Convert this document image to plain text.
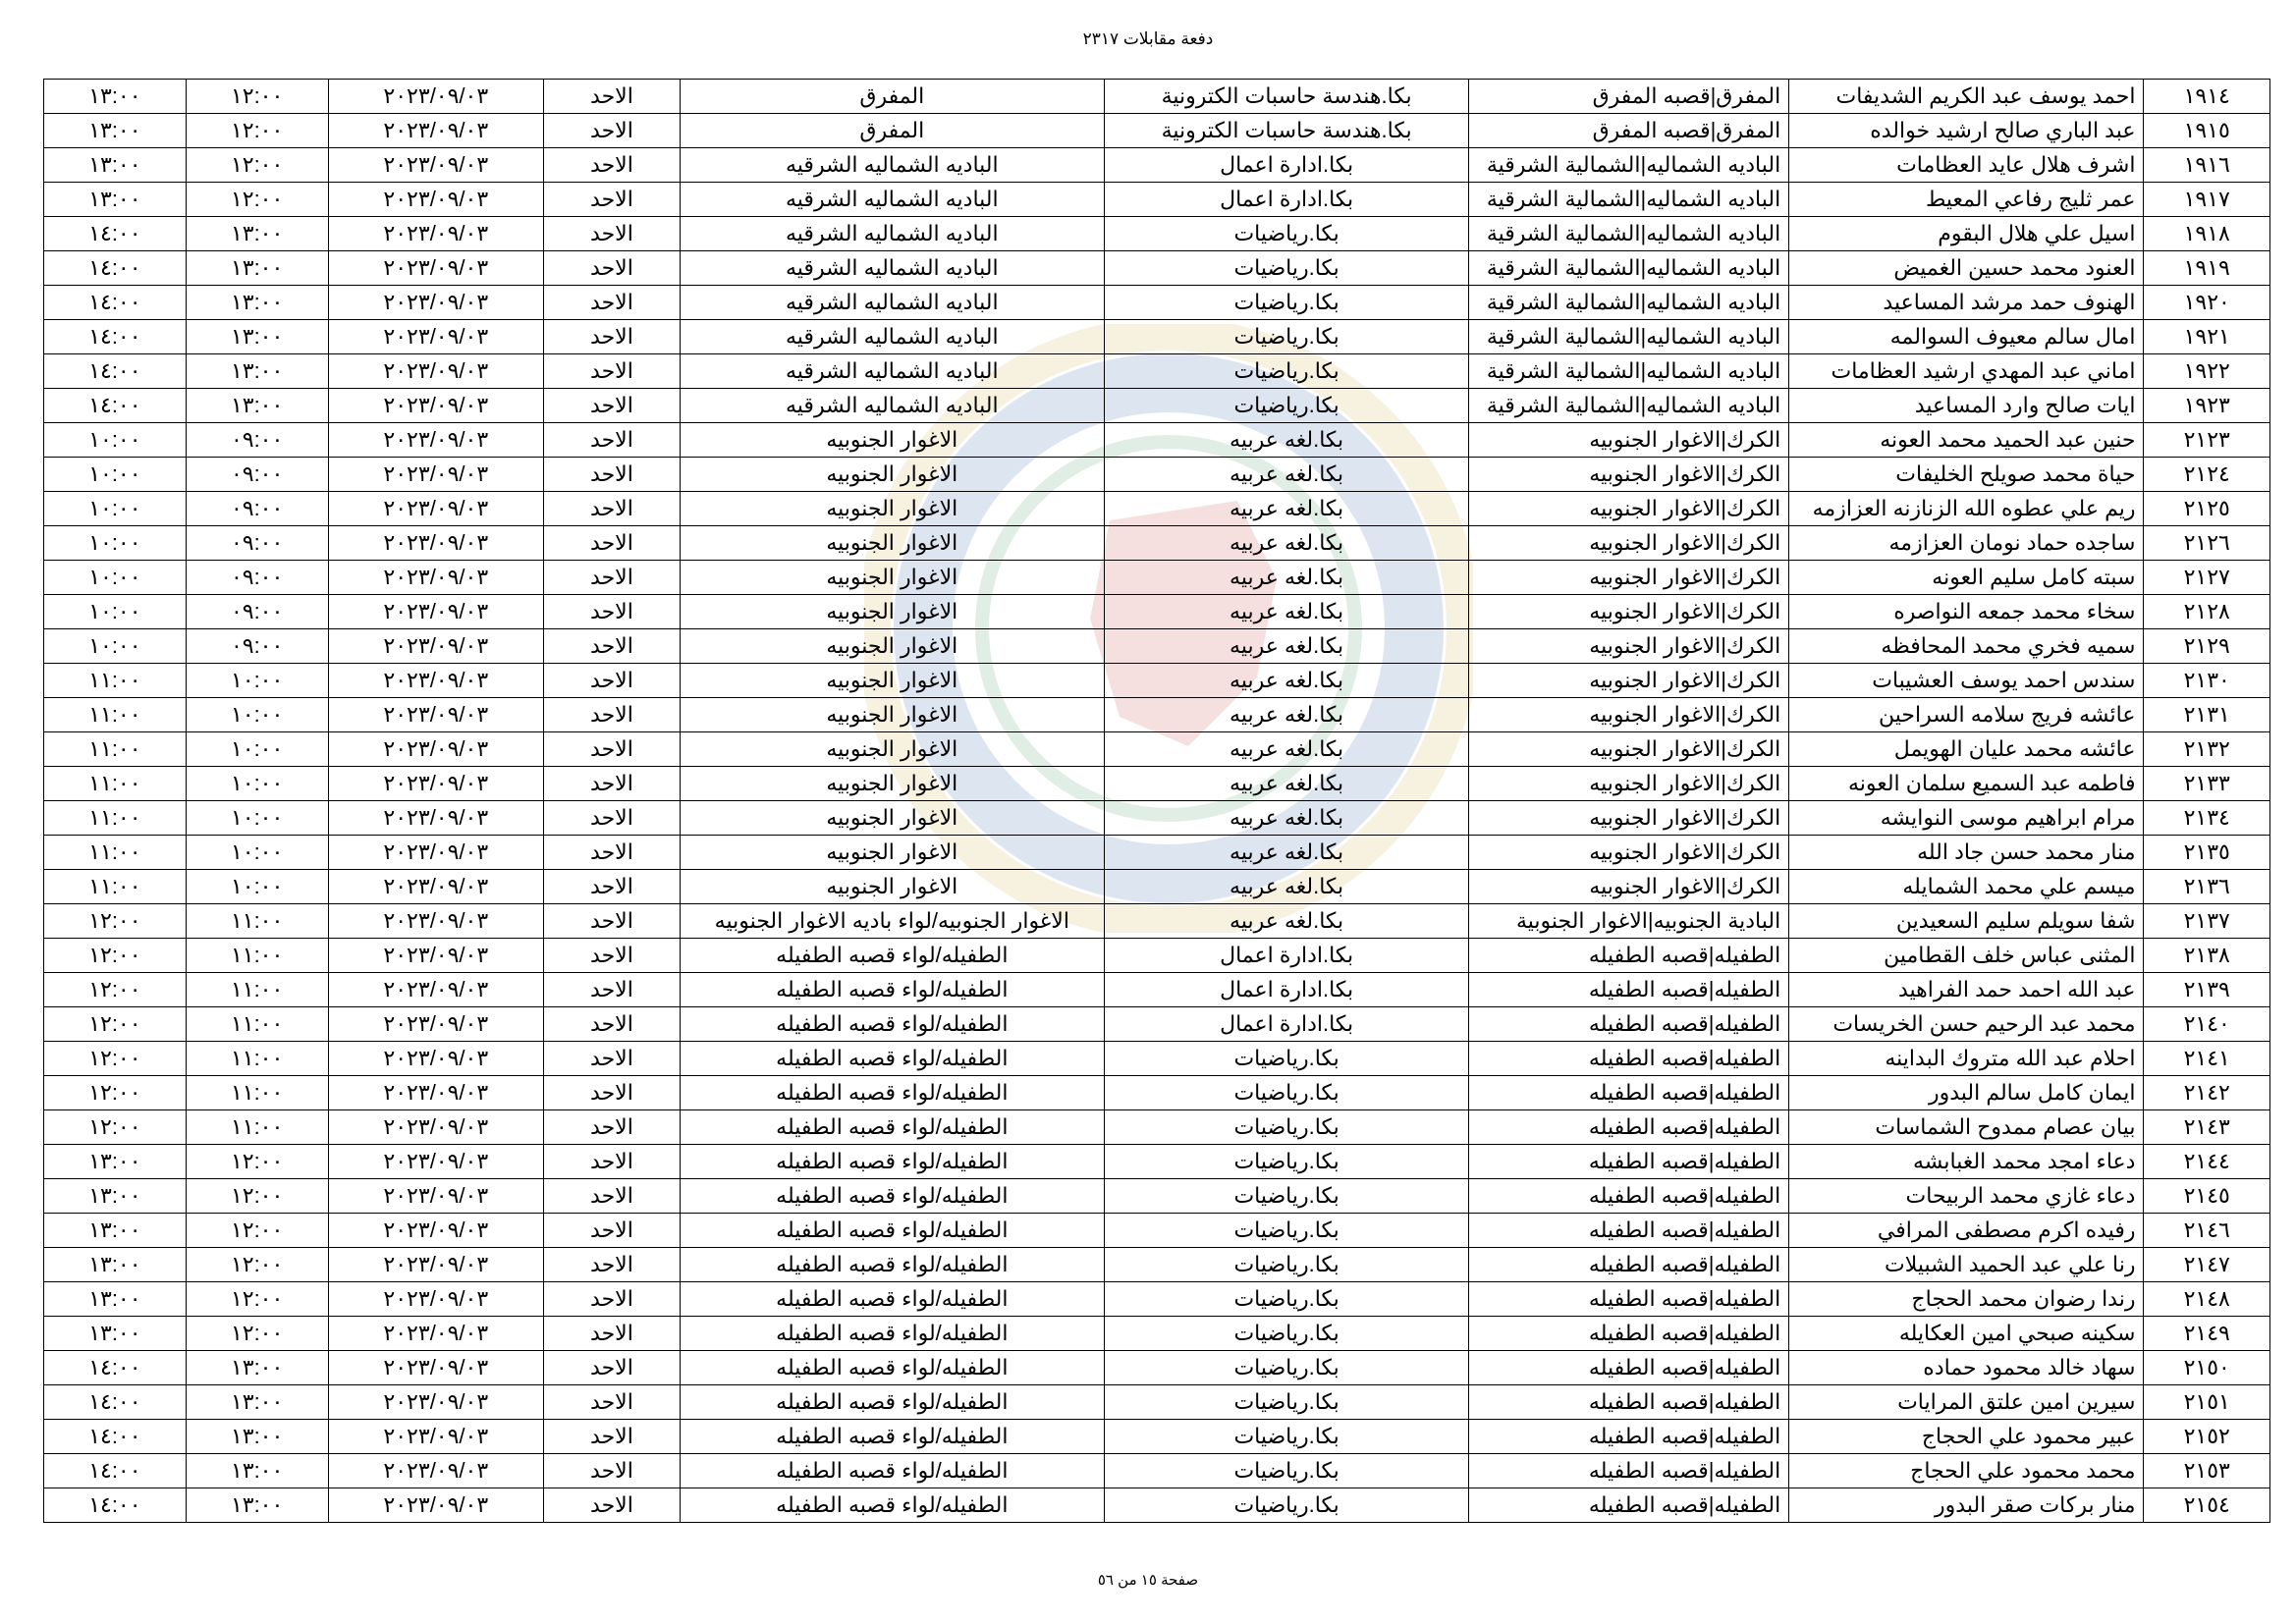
دفعة مقابلات ٢٣١٧
١٩١٤	احمد يوسف عبد الكريم الشديفات	المفرق|قصبه المفرق	بكا.هندسة حاسبات الكترونية	المفرق	الاحد	٢٠٢٣/٠٩/٠٣	١٢:٠٠	١٣:٠٠
١٩١٥	عبد الباري صالح ارشيد خوالده	المفرق|قصبه المفرق	بكا.هندسة حاسبات الكترونية	المفرق	الاحد	٢٠٢٣/٠٩/٠٣	١٢:٠٠	١٣:٠٠
١٩١٦	اشرف هلال عايد العظامات	الباديه الشماليه|الشمالية الشرقية	بكا.ادارة اعمال	الباديه الشماليه الشرقيه	الاحد	٢٠٢٣/٠٩/٠٣	١٢:٠٠	١٣:٠٠
١٩١٧	عمر ثليج رفاعي المعيط	الباديه الشماليه|الشمالية الشرقية	بكا.ادارة اعمال	الباديه الشماليه الشرقيه	الاحد	٢٠٢٣/٠٩/٠٣	١٢:٠٠	١٣:٠٠
١٩١٨	اسيل علي هلال البقوم	الباديه الشماليه|الشمالية الشرقية	بكا.رياضيات	الباديه الشماليه الشرقيه	الاحد	٢٠٢٣/٠٩/٠٣	١٣:٠٠	١٤:٠٠
١٩١٩	العنود محمد حسين الغميض	الباديه الشماليه|الشمالية الشرقية	بكا.رياضيات	الباديه الشماليه الشرقيه	الاحد	٢٠٢٣/٠٩/٠٣	١٣:٠٠	١٤:٠٠
١٩٢٠	الهنوف حمد مرشد المساعيد	الباديه الشماليه|الشمالية الشرقية	بكا.رياضيات	الباديه الشماليه الشرقيه	الاحد	٢٠٢٣/٠٩/٠٣	١٣:٠٠	١٤:٠٠
١٩٢١	امال سالم معيوف السوالمه	الباديه الشماليه|الشمالية الشرقية	بكا.رياضيات	الباديه الشماليه الشرقيه	الاحد	٢٠٢٣/٠٩/٠٣	١٣:٠٠	١٤:٠٠
١٩٢٢	اماني عبد المهدي ارشيد العظامات	الباديه الشماليه|الشمالية الشرقية	بكا.رياضيات	الباديه الشماليه الشرقيه	الاحد	٢٠٢٣/٠٩/٠٣	١٣:٠٠	١٤:٠٠
١٩٢٣	ايات صالح وارد المساعيد	الباديه الشماليه|الشمالية الشرقية	بكا.رياضيات	الباديه الشماليه الشرقيه	الاحد	٢٠٢٣/٠٩/٠٣	١٣:٠٠	١٤:٠٠
٢١٢٣	حنين عبد الحميد محمد العونه	الكرك|الاغوار الجنوبيه	بكا.لغه عربيه	الاغوار الجنوبيه	الاحد	٢٠٢٣/٠٩/٠٣	٠٩:٠٠	١٠:٠٠
٢١٢٤	حياة محمد صويلح الخليفات	الكرك|الاغوار الجنوبيه	بكا.لغه عربيه	الاغوار الجنوبيه	الاحد	٢٠٢٣/٠٩/٠٣	٠٩:٠٠	١٠:٠٠
٢١٢٥	ريم علي عطوه الله الزنازنه العزازمه	الكرك|الاغوار الجنوبيه	بكا.لغه عربيه	الاغوار الجنوبيه	الاحد	٢٠٢٣/٠٩/٠٣	٠٩:٠٠	١٠:٠٠
٢١٢٦	ساجده حماد نومان العزازمه	الكرك|الاغوار الجنوبيه	بكا.لغه عربيه	الاغوار الجنوبيه	الاحد	٢٠٢٣/٠٩/٠٣	٠٩:٠٠	١٠:٠٠
٢١٢٧	سبته كامل سليم العونه	الكرك|الاغوار الجنوبيه	بكا.لغه عربيه	الاغوار الجنوبيه	الاحد	٢٠٢٣/٠٩/٠٣	٠٩:٠٠	١٠:٠٠
٢١٢٨	سخاء محمد جمعه النواصره	الكرك|الاغوار الجنوبيه	بكا.لغه عربيه	الاغوار الجنوبيه	الاحد	٢٠٢٣/٠٩/٠٣	٠٩:٠٠	١٠:٠٠
٢١٢٩	سميه فخري محمد المحافظه	الكرك|الاغوار الجنوبيه	بكا.لغه عربيه	الاغوار الجنوبيه	الاحد	٢٠٢٣/٠٩/٠٣	٠٩:٠٠	١٠:٠٠
٢١٣٠	سندس احمد يوسف العشيبات	الكرك|الاغوار الجنوبيه	بكا.لغه عربيه	الاغوار الجنوبيه	الاحد	٢٠٢٣/٠٩/٠٣	١٠:٠٠	١١:٠٠
٢١٣١	عائشه فريج سلامه السراحين	الكرك|الاغوار الجنوبيه	بكا.لغه عربيه	الاغوار الجنوبيه	الاحد	٢٠٢٣/٠٩/٠٣	١٠:٠٠	١١:٠٠
٢١٣٢	عائشه محمد عليان الهويمل	الكرك|الاغوار الجنوبيه	بكا.لغه عربيه	الاغوار الجنوبيه	الاحد	٢٠٢٣/٠٩/٠٣	١٠:٠٠	١١:٠٠
٢١٣٣	فاطمه عبد السميع سلمان العونه	الكرك|الاغوار الجنوبيه	بكا.لغه عربيه	الاغوار الجنوبيه	الاحد	٢٠٢٣/٠٩/٠٣	١٠:٠٠	١١:٠٠
٢١٣٤	مرام ابراهيم موسى النوايشه	الكرك|الاغوار الجنوبيه	بكا.لغه عربيه	الاغوار الجنوبيه	الاحد	٢٠٢٣/٠٩/٠٣	١٠:٠٠	١١:٠٠
٢١٣٥	منار محمد حسن جاد الله	الكرك|الاغوار الجنوبيه	بكا.لغه عربيه	الاغوار الجنوبيه	الاحد	٢٠٢٣/٠٩/٠٣	١٠:٠٠	١١:٠٠
٢١٣٦	ميسم علي محمد الشمايله	الكرك|الاغوار الجنوبيه	بكا.لغه عربيه	الاغوار الجنوبيه	الاحد	٢٠٢٣/٠٩/٠٣	١٠:٠٠	١١:٠٠
٢١٣٧	شفا سويلم سليم السعيدين	البادية الجنوبيه|الاغوار الجنوبية	بكا.لغه عربيه	الاغوار الجنوبيه/لواء باديه الاغوار الجنوبيه	الاحد	٢٠٢٣/٠٩/٠٣	١١:٠٠	١٢:٠٠
٢١٣٨	المثنى عباس خلف القطامين	الطفيله|قصبه الطفيله	بكا.ادارة اعمال	الطفيله/لواء قصبه الطفيله	الاحد	٢٠٢٣/٠٩/٠٣	١١:٠٠	١٢:٠٠
٢١٣٩	عبد الله احمد حمد الفراهيد	الطفيله|قصبه الطفيله	بكا.ادارة اعمال	الطفيله/لواء قصبه الطفيله	الاحد	٢٠٢٣/٠٩/٠٣	١١:٠٠	١٢:٠٠
٢١٤٠	محمد عبد الرحيم حسن الخريسات	الطفيله|قصبه الطفيله	بكا.ادارة اعمال	الطفيله/لواء قصبه الطفيله	الاحد	٢٠٢٣/٠٩/٠٣	١١:٠٠	١٢:٠٠
٢١٤١	احلام عبد الله متروك البداينه	الطفيله|قصبه الطفيله	بكا.رياضيات	الطفيله/لواء قصبه الطفيله	الاحد	٢٠٢٣/٠٩/٠٣	١١:٠٠	١٢:٠٠
٢١٤٢	ايمان كامل سالم البدور	الطفيله|قصبه الطفيله	بكا.رياضيات	الطفيله/لواء قصبه الطفيله	الاحد	٢٠٢٣/٠٩/٠٣	١١:٠٠	١٢:٠٠
٢١٤٣	بيان عصام ممدوح الشماسات	الطفيله|قصبه الطفيله	بكا.رياضيات	الطفيله/لواء قصبه الطفيله	الاحد	٢٠٢٣/٠٩/٠٣	١١:٠٠	١٢:٠٠
٢١٤٤	دعاء امجد محمد الغبابشه	الطفيله|قصبه الطفيله	بكا.رياضيات	الطفيله/لواء قصبه الطفيله	الاحد	٢٠٢٣/٠٩/٠٣	١٢:٠٠	١٣:٠٠
٢١٤٥	دعاء غازي محمد الربيحات	الطفيله|قصبه الطفيله	بكا.رياضيات	الطفيله/لواء قصبه الطفيله	الاحد	٢٠٢٣/٠٩/٠٣	١٢:٠٠	١٣:٠٠
٢١٤٦	رفيده اكرم مصطفى المرافي	الطفيله|قصبه الطفيله	بكا.رياضيات	الطفيله/لواء قصبه الطفيله	الاحد	٢٠٢٣/٠٩/٠٣	١٢:٠٠	١٣:٠٠
٢١٤٧	رنا علي عبد الحميد الشبيلات	الطفيله|قصبه الطفيله	بكا.رياضيات	الطفيله/لواء قصبه الطفيله	الاحد	٢٠٢٣/٠٩/٠٣	١٢:٠٠	١٣:٠٠
٢١٤٨	رندا رضوان محمد الحجاج	الطفيله|قصبه الطفيله	بكا.رياضيات	الطفيله/لواء قصبه الطفيله	الاحد	٢٠٢٣/٠٩/٠٣	١٢:٠٠	١٣:٠٠
٢١٤٩	سكينه صبحي امين العكايله	الطفيله|قصبه الطفيله	بكا.رياضيات	الطفيله/لواء قصبه الطفيله	الاحد	٢٠٢٣/٠٩/٠٣	١٢:٠٠	١٣:٠٠
٢١٥٠	سهاد خالد محمود حماده	الطفيله|قصبه الطفيله	بكا.رياضيات	الطفيله/لواء قصبه الطفيله	الاحد	٢٠٢٣/٠٩/٠٣	١٣:٠٠	١٤:٠٠
٢١٥١	سيرين امين علتق المرايات	الطفيله|قصبه الطفيله	بكا.رياضيات	الطفيله/لواء قصبه الطفيله	الاحد	٢٠٢٣/٠٩/٠٣	١٣:٠٠	١٤:٠٠
٢١٥٢	عبير محمود علي الحجاج	الطفيله|قصبه الطفيله	بكا.رياضيات	الطفيله/لواء قصبه الطفيله	الاحد	٢٠٢٣/٠٩/٠٣	١٣:٠٠	١٤:٠٠
٢١٥٣	محمد محمود علي الحجاج	الطفيله|قصبه الطفيله	بكا.رياضيات	الطفيله/لواء قصبه الطفيله	الاحد	٢٠٢٣/٠٩/٠٣	١٣:٠٠	١٤:٠٠
٢١٥٤	منار بركات صقر البدور	الطفيله|قصبه الطفيله	بكا.رياضيات	الطفيله/لواء قصبه الطفيله	الاحد	٢٠٢٣/٠٩/٠٣	١٣:٠٠	١٤:٠٠
صفحة ١٥ من ٥٦
